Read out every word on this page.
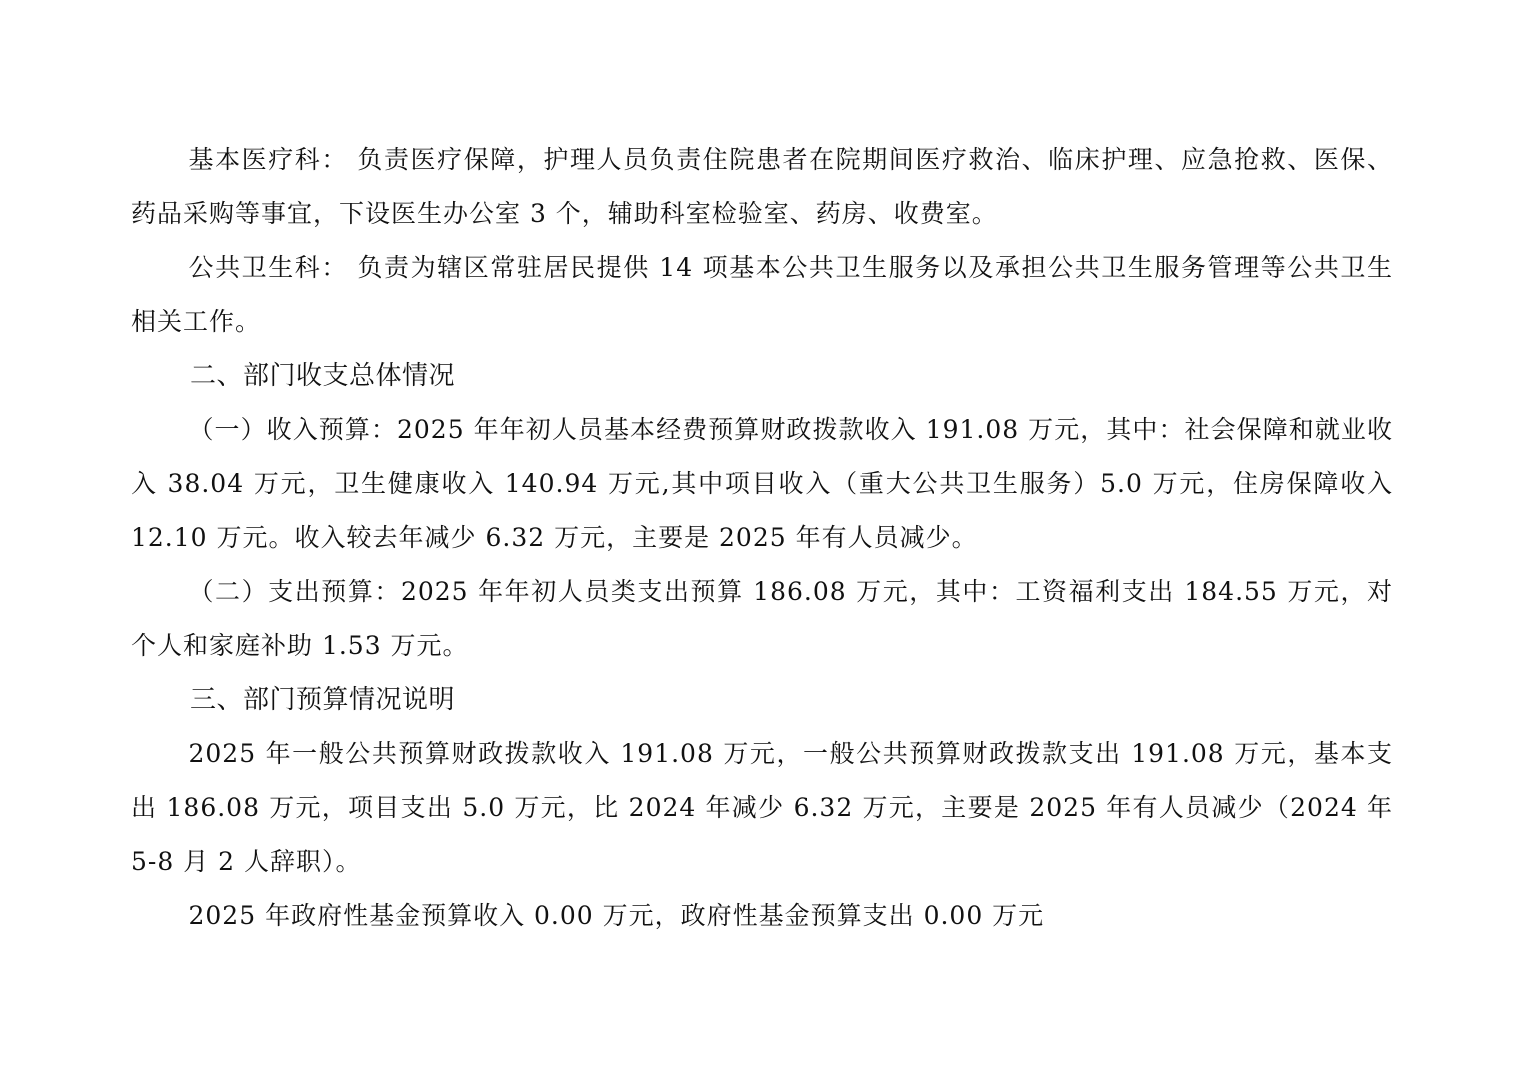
基本医疗科： 负责医疗保障，护理人员负责住院患者在院期间医疗救治、临床护理、应急抢救、医保、药品采购等事宜，下设医生办公室 3 个，辅助科室检验室、药房、收费室。

公共卫生科： 负责为辖区常驻居民提供 14 项基本公共卫生服务以及承担公共卫生服务管理等公共卫生相关工作。

二、部门收支总体情况

（一）收入预算：2025 年年初人员基本经费预算财政拨款收入 191.08 万元，其中：社会保障和就业收入 38.04 万元，卫生健康收入 140.94 万元,其中项目收入（重大公共卫生服务）5.0 万元，住房保障收入 12.10 万元。收入较去年减少 6.32 万元，主要是 2025 年有人员减少。

（二）支出预算：2025 年年初人员类支出预算 186.08 万元，其中：工资福利支出 184.55 万元，对个人和家庭补助 1.53 万元。

三、部门预算情况说明

2025 年一般公共预算财政拨款收入 191.08 万元，一般公共预算财政拨款支出 191.08 万元，基本支出 186.08 万元，项目支出 5.0 万元，比 2024 年减少 6.32 万元，主要是 2025 年有人员减少（2024 年 5-8 月 2 人辞职）。

2025 年政府性基金预算收入 0.00 万元，政府性基金预算支出 0.00 万元
